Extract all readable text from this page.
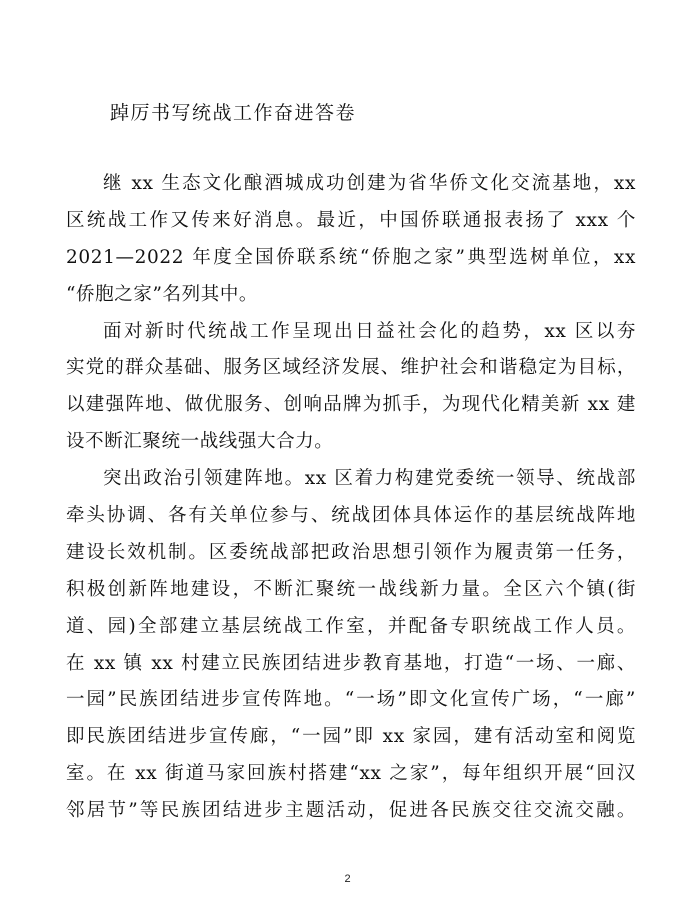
踔厉书写统战工作奋进答卷
继 xx 生态文化酿酒城成功创建为省华侨文化交流基地，xx
区统战工作又传来好消息。最近，中国侨联通报表扬了 xxx 个
2021—2022 年度全国侨联系统“侨胞之家”典型选树单位，xx
“侨胞之家”名列其中。
面对新时代统战工作呈现出日益社会化的趋势，xx 区以夯
实党的群众基础、服务区域经济发展、维护社会和谐稳定为目标，
以建强阵地、做优服务、创响品牌为抓手，为现代化精美新 xx 建
设不断汇聚统一战线强大合力。
突出政治引领建阵地。xx 区着力构建党委统一领导、统战部
牵头协调、各有关单位参与、统战团体具体运作的基层统战阵地
建设长效机制。区委统战部把政治思想引领作为履责第一任务，
积极创新阵地建设，不断汇聚统一战线新力量。全区六个镇(街
道、园)全部建立基层统战工作室，并配备专职统战工作人员。
在 xx 镇 xx 村建立民族团结进步教育基地，打造“一场、一廊、
一园”民族团结进步宣传阵地。“一场”即文化宣传广场，“一廊”
即民族团结进步宣传廊，“一园”即 xx 家园，建有活动室和阅览
室。在 xx 街道马家回族村搭建“xx 之家”，每年组织开展“回汉
邻居节”等民族团结进步主题活动，促进各民族交往交流交融。
2
